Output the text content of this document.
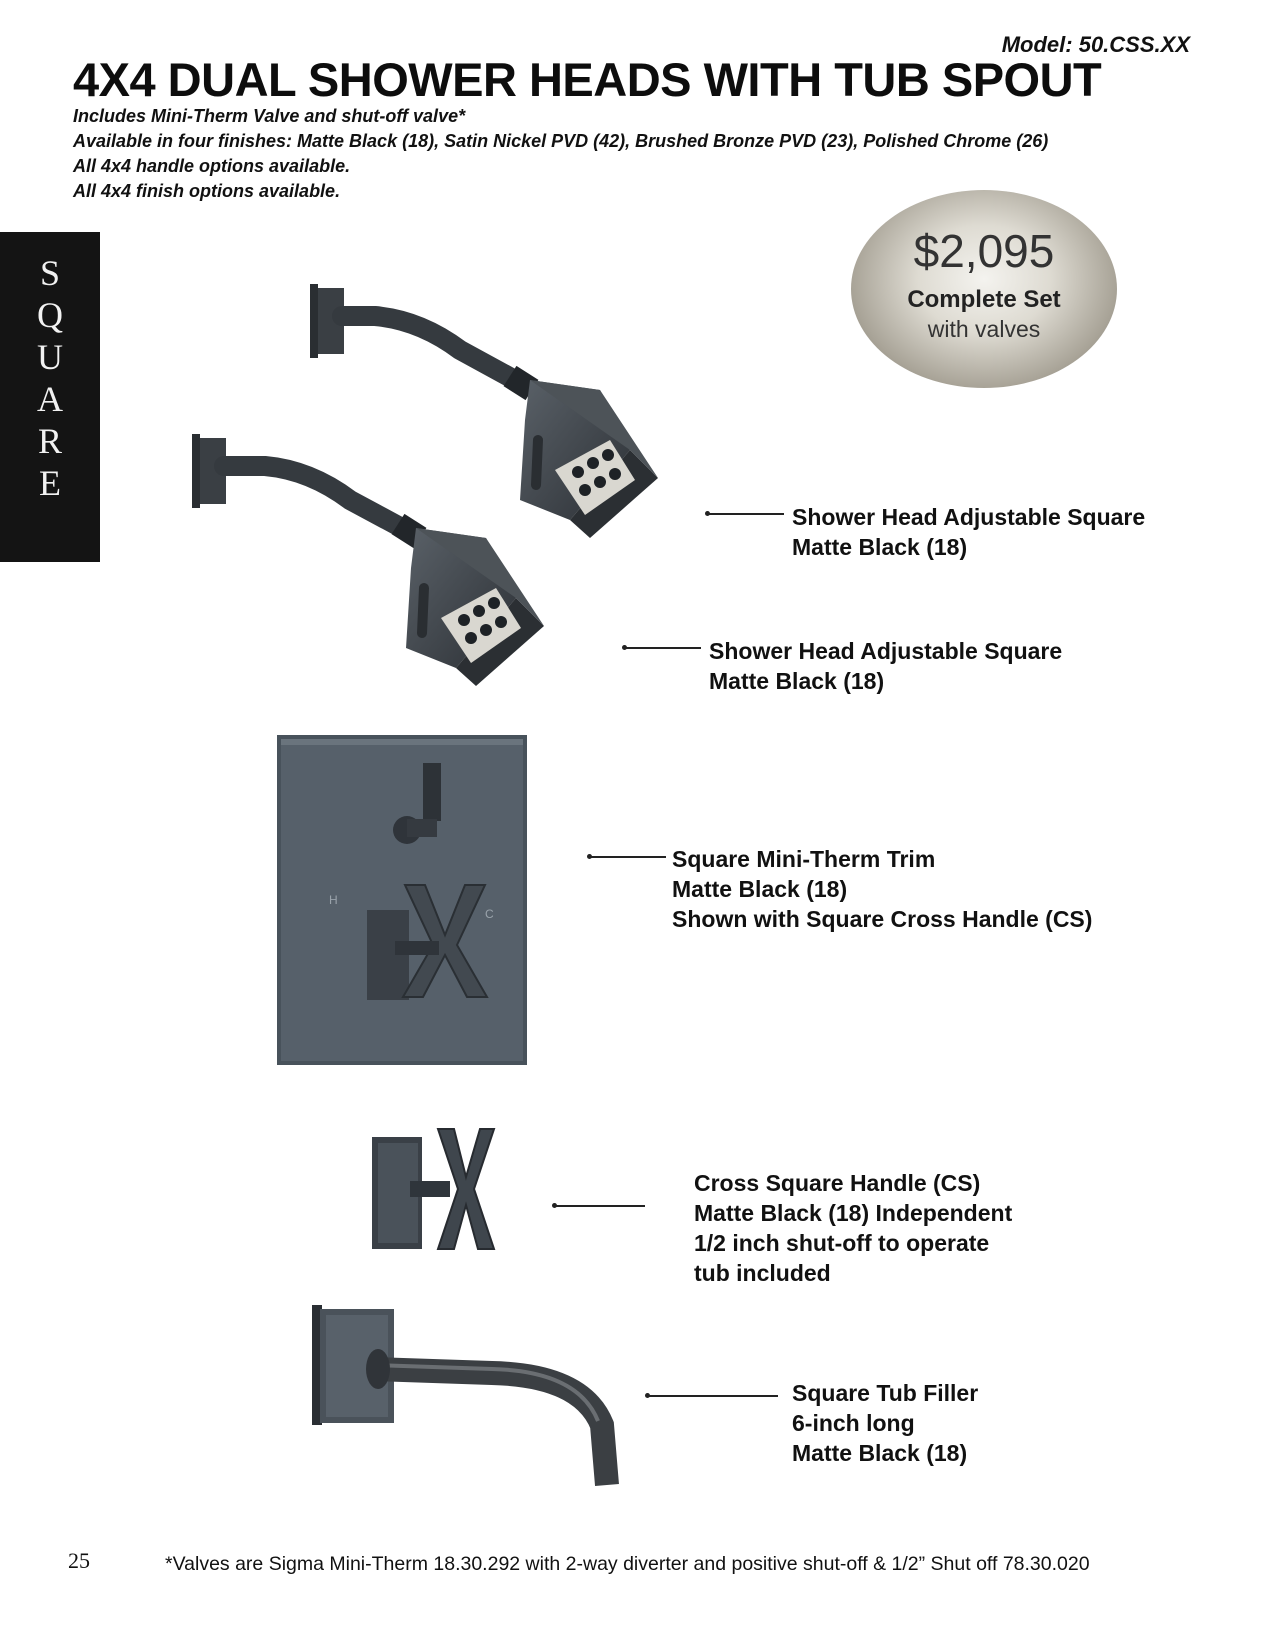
Model: 50.CSS.XX
4X4 DUAL SHOWER HEADS WITH TUB SPOUT
Includes Mini-Therm Valve and shut-off valve*
Available in four finishes: Matte Black (18), Satin Nickel PVD (42), Brushed Bronze PVD (23), Polished Chrome (26)
All 4x4 handle options available.
All 4x4 finish options available.
S
Q
U
A
R
E
$2,095
Complete Set
with valves
H
C
Shower Head Adjustable Square
Matte Black (18)
Shower Head Adjustable Square
Matte Black (18)
Square Mini-Therm Trim
Matte Black (18)
Shown with Square Cross Handle (CS)
Cross Square Handle (CS)
Matte Black (18) Independent
1/2 inch shut-off to operate
tub included
Square Tub Filler
6-inch long
Matte Black (18)
25	*Valves are Sigma Mini-Therm 18.30.292 with 2-way diverter and positive shut-off & 1/2” Shut off 78.30.020
